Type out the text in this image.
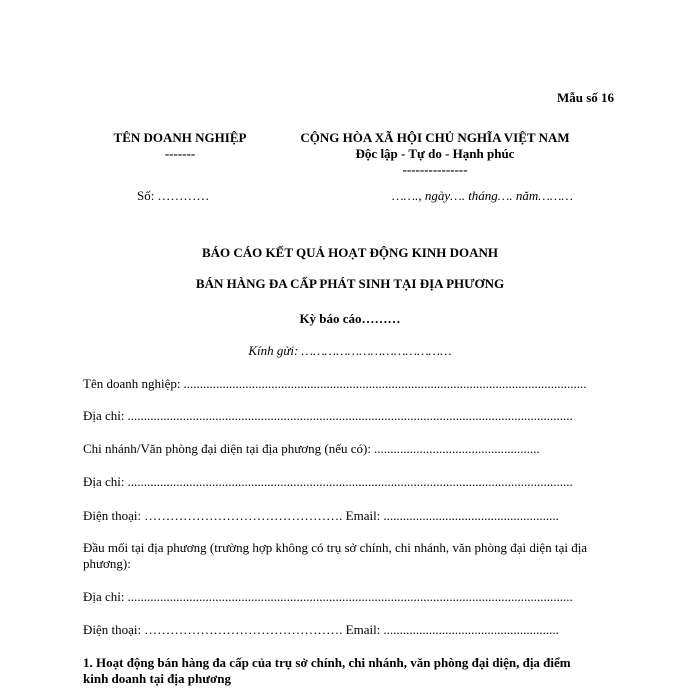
Mẫu số 16
TÊN DOANH NGHIỆP
-------
Số: …………
CỘNG HÒA XÃ HỘI CHỦ NGHĨA VIỆT NAM
Độc lập - Tự do - Hạnh phúc
---------------
……., ngày…. tháng…. năm………
BÁO CÁO KẾT QUẢ HOẠT ĐỘNG KINH DOANH
BÁN HÀNG ĐA CẤP PHÁT SINH TẠI ĐỊA PHƯƠNG
Kỳ báo cáo………
Kính gửi: …………………………………
Tên doanh nghiệp: ............................................................................................................................
Địa chỉ: .........................................................................................................................................
Chi nhánh/Văn phòng đại diện tại địa phương (nếu có): ...................................................
Địa chỉ: .........................................................................................................................................
Điện thoại: ………………………………………. Email: ......................................................
Đầu mối tại địa phương (trường hợp không có trụ sở chính, chi nhánh, văn phòng đại diện tại địa
phương):
Địa chỉ: .........................................................................................................................................
Điện thoại: ………………………………………. Email: ......................................................
1. Hoạt động bán hàng đa cấp của trụ sở chính, chi nhánh, văn phòng đại diện, địa điểm
kinh doanh tại địa phương
